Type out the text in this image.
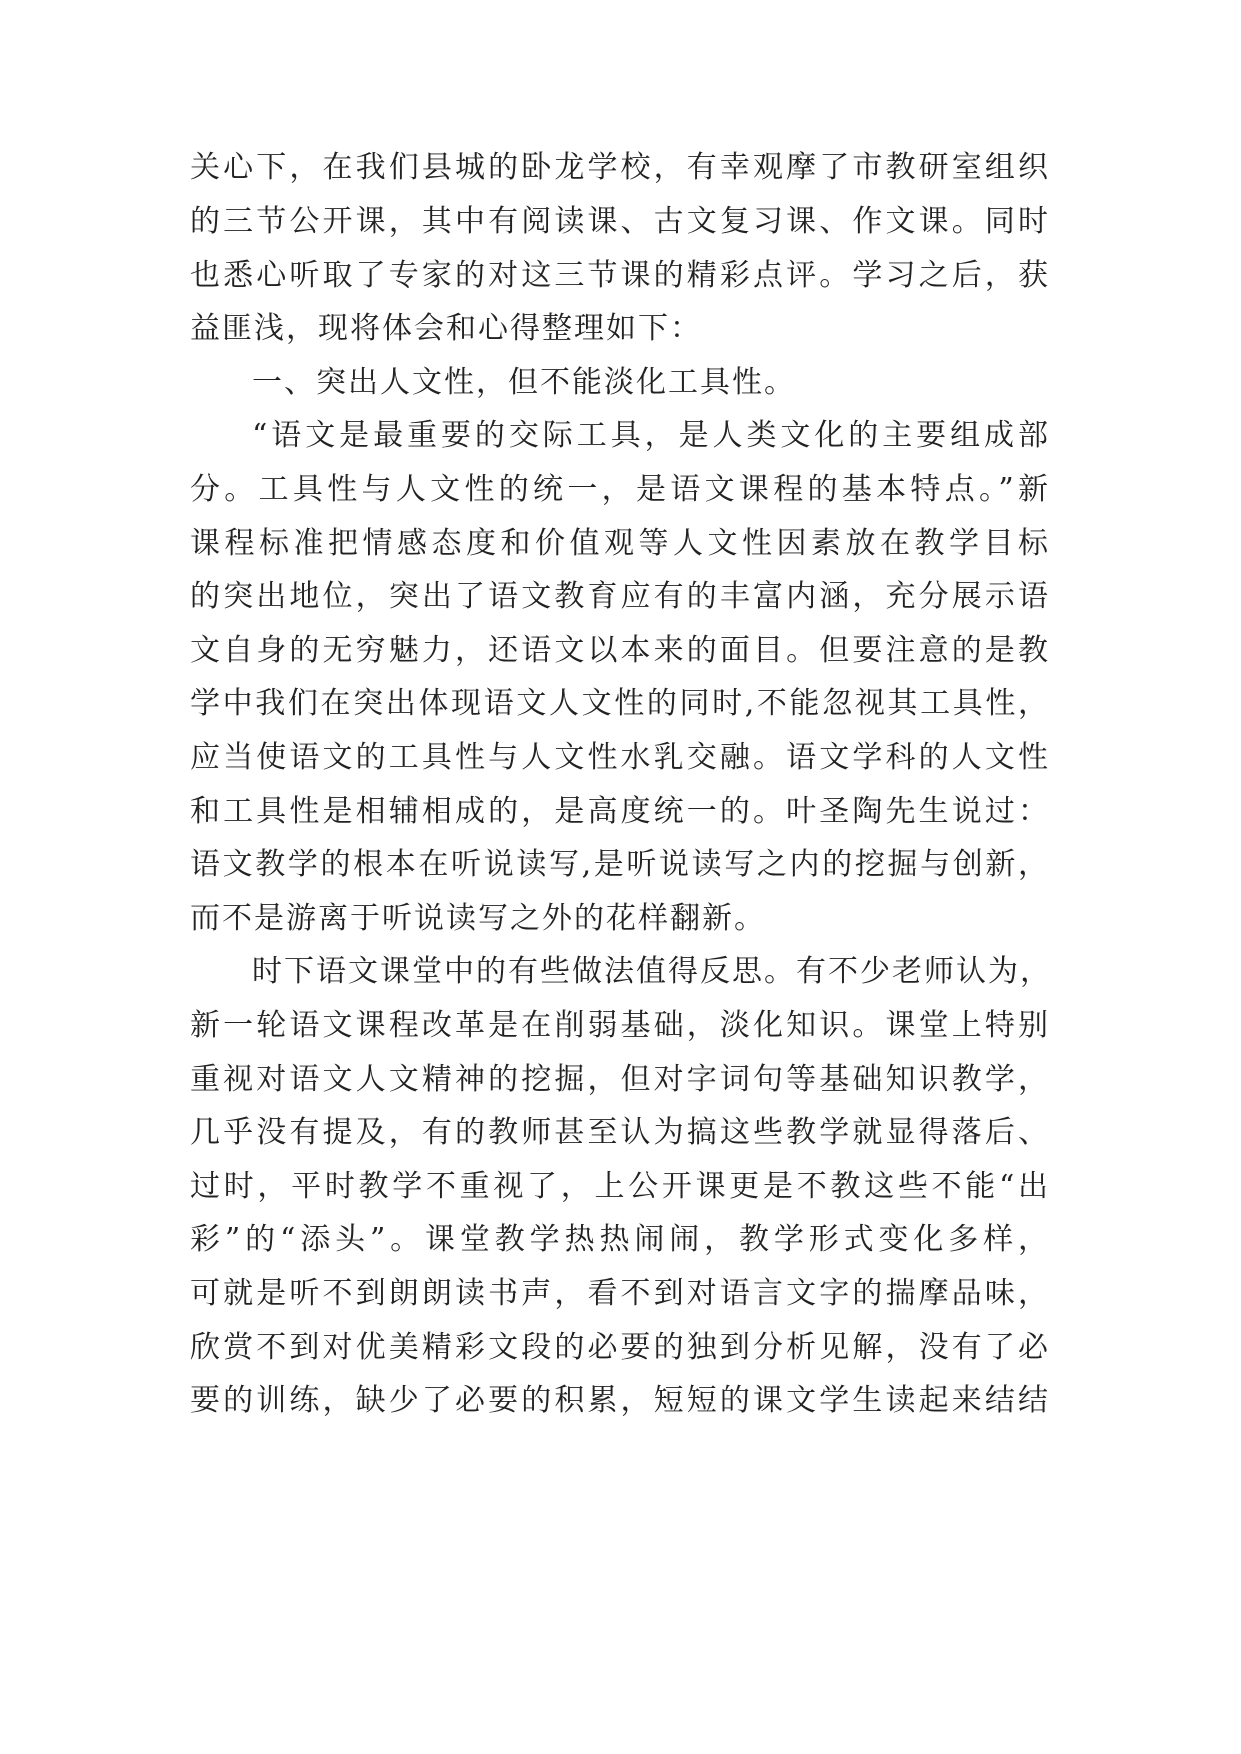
关心下，在我们县城的卧龙学校，有幸观摩了市教研室组织
的三节公开课，其中有阅读课、古文复习课、作文课。同时
也悉心听取了专家的对这三节课的精彩点评。学习之后，获
益匪浅，现将体会和心得整理如下：
一、突出人文性，但不能淡化工具性。
“语文是最重要的交际工具，是人类文化的主要组成部
分。工具性与人文性的统一，是语文课程的基本特点。”新
课程标准把情感态度和价值观等人文性因素放在教学目标
的突出地位，突出了语文教育应有的丰富内涵，充分展示语
文自身的无穷魅力，还语文以本来的面目。但要注意的是教
学中我们在突出体现语文人文性的同时,不能忽视其工具性，
应当使语文的工具性与人文性水乳交融。语文学科的人文性
和工具性是相辅相成的，是高度统一的。叶圣陶先生说过：
语文教学的根本在听说读写,是听说读写之内的挖掘与创新，
而不是游离于听说读写之外的花样翻新。
时下语文课堂中的有些做法值得反思。有不少老师认为，
新一轮语文课程改革是在削弱基础，淡化知识。课堂上特别
重视对语文人文精神的挖掘，但对字词句等基础知识教学，
几乎没有提及，有的教师甚至认为搞这些教学就显得落后、
过时，平时教学不重视了，上公开课更是不教这些不能“出
彩”的“添头”。课堂教学热热闹闹，教学形式变化多样，
可就是听不到朗朗读书声，看不到对语言文字的揣摩品味，
欣赏不到对优美精彩文段的必要的独到分析见解，没有了必
要的训练，缺少了必要的积累，短短的课文学生读起来结结
